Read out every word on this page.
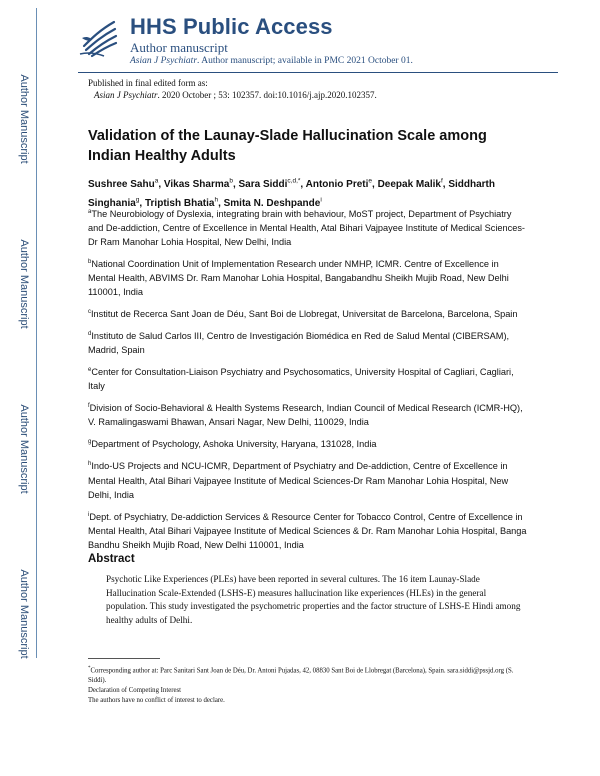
Author Manuscript
Author Manuscript
Author Manuscript
Author Manuscript
HHS Public Access
Author manuscript
Asian J Psychiatr. Author manuscript; available in PMC 2021 October 01.
Published in final edited form as:
Asian J Psychiatr. 2020 October ; 53: 102357. doi:10.1016/j.ajp.2020.102357.
Validation of the Launay-Slade Hallucination Scale among Indian Healthy Adults
Sushree Sahu$^a$, Vikas Sharma$^b$, Sara Siddi$^{c,d,*}$, Antonio Preti$^e$, Deepak Malik$^f$, Siddharth Singhania$^g$, Triptish Bhatia$^h$, Smita N. Deshpande$^i$

$^a$The Neurobiology of Dyslexia, integrating brain with behaviour, MoST project, Department of Psychiatry and De-addiction, Centre of Excellence in Mental Health, Atal Bihari Vajpayee Institute of Medical Sciences-Dr Ram Manohar Lohia Hospital, New Delhi, India

$^b$National Coordination Unit of Implementation Research under NMHP, ICMR. Centre of Excellence in Mental Health, ABVIMS Dr. Ram Manohar Lohia Hospital, Bangabandhu Sheikh Mujib Road, New Delhi 110001, India

$^c$Institut de Recerca Sant Joan de Déu, Sant Boi de Llobregat, Universitat de Barcelona, Barcelona, Spain

$^d$Instituto de Salud Carlos III, Centro de Investigación Biomédica en Red de Salud Mental (CIBERSAM), Madrid, Spain

$^e$Center for Consultation-Liaison Psychiatry and Psychosomatics, University Hospital of Cagliari, Cagliari, Italy

$^f$Division of Socio-Behavioral & Health Systems Research, Indian Council of Medical Research (ICMR-HQ), V. Ramalingaswami Bhawan, Ansari Nagar, New Delhi, 110029, India

$^g$Department of Psychology, Ashoka University, Haryana, 131028, India

$^h$Indo-US Projects and NCU-ICMR, Department of Psychiatry and De-addiction, Centre of Excellence in Mental Health, Atal Bihari Vajpayee Institute of Medical Sciences-Dr Ram Manohar Lohia Hospital, New Delhi, India

$^i$Dept. of Psychiatry, De-addiction Services & Resource Center for Tobacco Control, Centre of Excellence in Mental Health, Atal Bihari Vajpayee Institute of Medical Sciences & Dr. Ram Manohar Lohia Hospital, Banga Bandhu Sheikh Mujib Road, New Delhi 110001, India

Abstract
Psychotic Like Experiences (PLEs) have been reported in several cultures. The 16 item Launay-Slade Hallucination Scale-Extended (LSHS-E) measures hallucination like experiences (HLEs) in the general population. This study investigated the psychometric properties and the factor structure of LSHS-E Hindi among healthy adults of Delhi.

*Corresponding author at: Parc Sanitari Sant Joan de Déu, Dr. Antoni Pujadas, 42, 08830 Sant Boi de Llobregat (Barcelona), Spain. sara.siddi@pssjd.org (S. Siddi).

Declaration of Competing Interest

The authors have no conflict of interest to declare.
